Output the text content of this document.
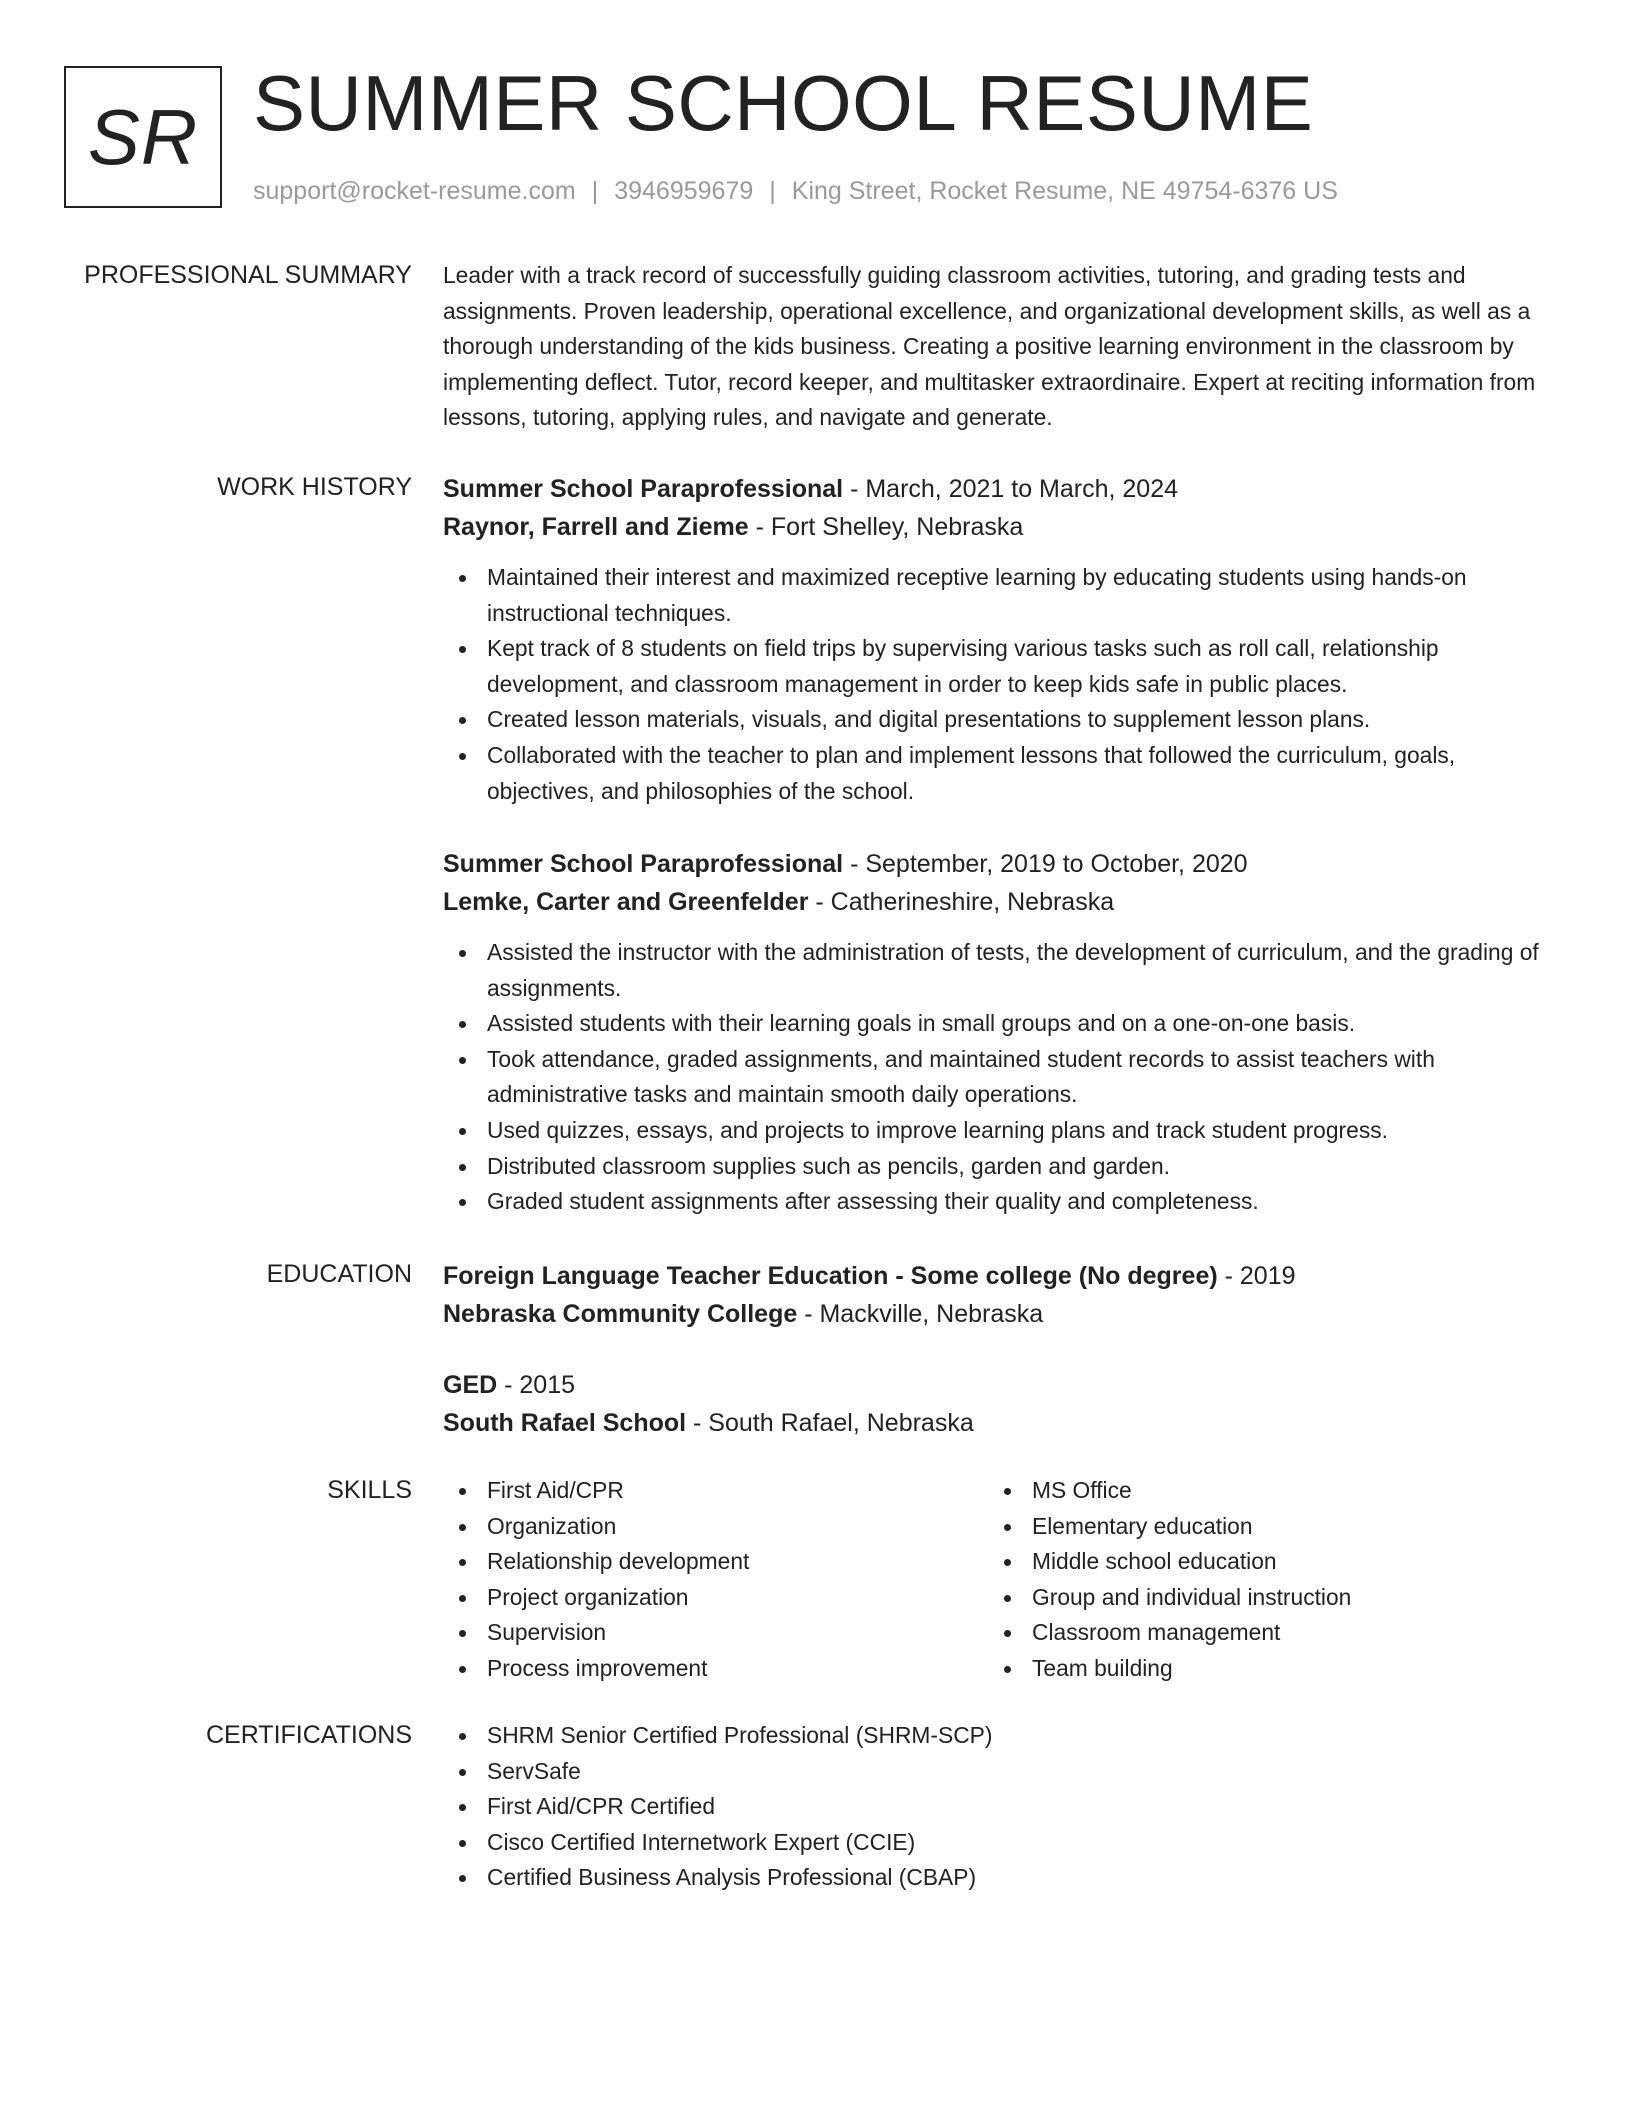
SR SUMMER SCHOOL RESUME
support@rocket-resume.com | 3946959679 | King Street, Rocket Resume, NE 49754-6376 US
PROFESSIONAL SUMMARY Leader with a track record of successfully guiding classroom activities, tutoring, and grading tests and assignments. Proven leadership, operational excellence, and organizational development skills, as well as a thorough understanding of the kids business. Creating a positive learning environment in the classroom by implementing deflect. Tutor, record keeper, and multitasker extraordinaire. Expert at reciting information from lessons, tutoring, applying rules, and navigate and generate.

WORK HISTORY Summer School Paraprofessional - March, 2021 to March, 2024
Raynor, Farrell and Zieme - Fort Shelley, Nebraska
Maintained their interest and maximized receptive learning by educating students using hands-on instructional techniques.
Kept track of 8 students on field trips by supervising various tasks such as roll call, relationship development, and classroom management in order to keep kids safe in public places.
Created lesson materials, visuals, and digital presentations to supplement lesson plans.
Collaborated with the teacher to plan and implement lessons that followed the curriculum, goals, objectives, and philosophies of the school.
Summer School Paraprofessional - September, 2019 to October, 2020
Lemke, Carter and Greenfelder - Catherineshire, Nebraska
Assisted the instructor with the administration of tests, the development of curriculum, and the grading of assignments.
Assisted students with their learning goals in small groups and on a one-on-one basis.
Took attendance, graded assignments, and maintained student records to assist teachers with administrative tasks and maintain smooth daily operations.
Used quizzes, essays, and projects to improve learning plans and track student progress.
Distributed classroom supplies such as pencils, garden and garden.
Graded student assignments after assessing their quality and completeness.
EDUCATION Foreign Language Teacher Education - Some college (No degree) - 2019
Nebraska Community College - Mackville, Nebraska
GED - 2015
South Rafael School - South Rafael, Nebraska
SKILLS	First Aid/CPR
Organization
Relationship development
Project organization
Supervision
Process improvement
MS Office
Elementary education
Middle school education
Group and individual instruction
Classroom management
Team building
CERTIFICATIONS	SHRM Senior Certified Professional (SHRM-SCP)
ServSafe
First Aid/CPR Certified
Cisco Certified Internetwork Expert (CCIE)
Certified Business Analysis Professional (CBAP)
